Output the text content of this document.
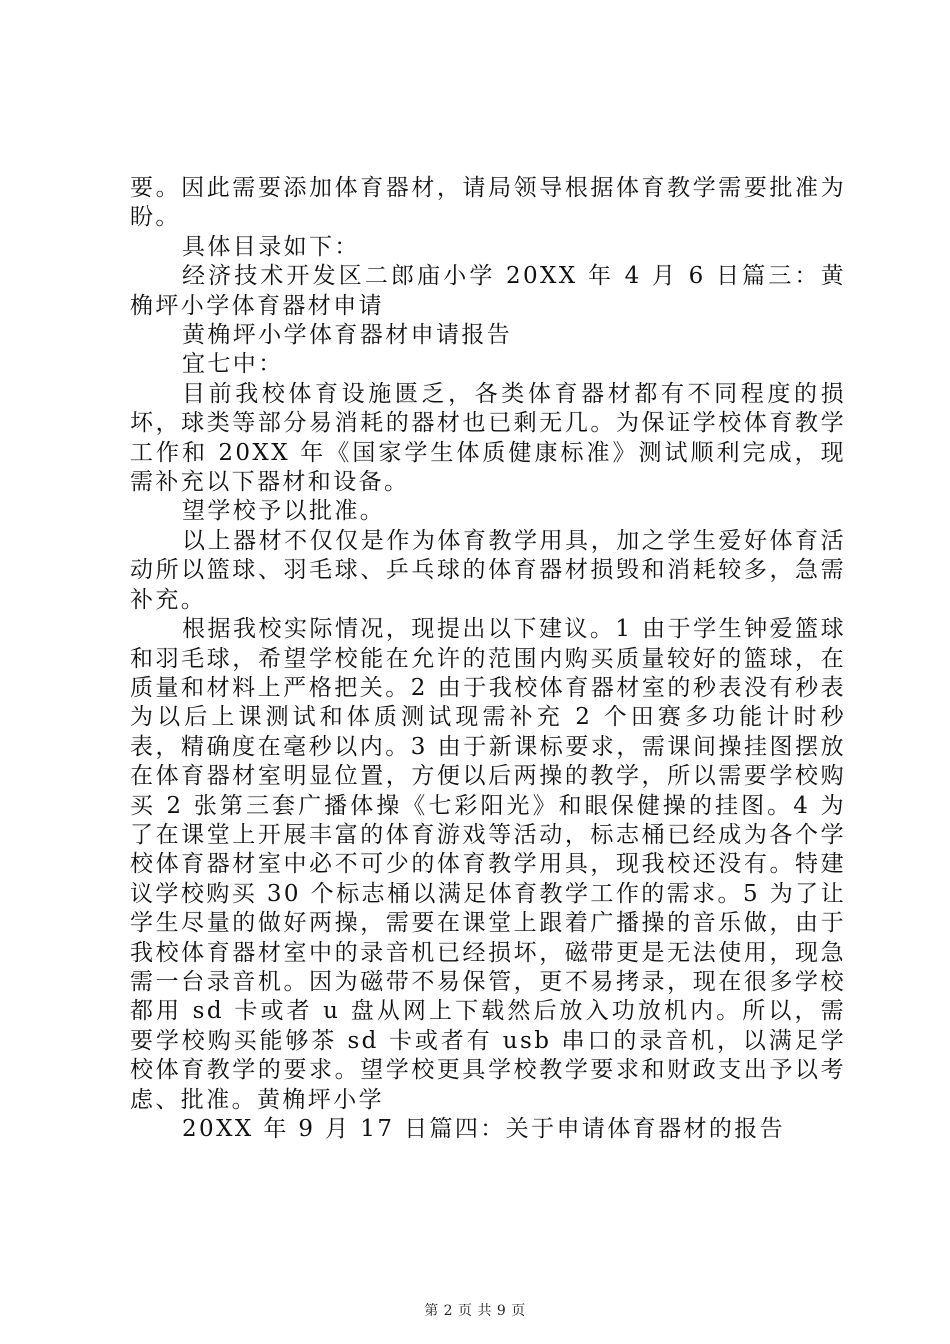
要。因此需要添加体育器材，请局领导根据体育教学需要批准为盼。

具体目录如下：

经济技术开发区二郎庙小学 20XX 年 4 月 6 日篇三：黄桷坪小学体育器材申请

黄桷坪小学体育器材申请报告

宜七中：

目前我校体育设施匮乏，各类体育器材都有不同程度的损坏，球类等部分易消耗的器材也已剩无几。为保证学校体育教学工作和 20XX 年《国家学生体质健康标准》测试顺利完成，现需补充以下器材和设备。

望学校予以批准。

以上器材不仅仅是作为体育教学用具，加之学生爱好体育活动所以篮球、羽毛球、乒乓球的体育器材损毁和消耗较多，急需补充。

根据我校实际情况，现提出以下建议。1 由于学生钟爱篮球和羽毛球，希望学校能在允许的范围内购买质量较好的篮球，在质量和材料上严格把关。2 由于我校体育器材室的秒表没有秒表为以后上课测试和体质测试现需补充 2 个田赛多功能计时秒表，精确度在毫秒以内。3 由于新课标要求，需课间操挂图摆放在体育器材室明显位置，方便以后两操的教学，所以需要学校购买 2 张第三套广播体操《七彩阳光》和眼保健操的挂图。4 为了在课堂上开展丰富的体育游戏等活动，标志桶已经成为各个学校体育器材室中必不可少的体育教学用具，现我校还没有。特建议学校购买 30 个标志桶以满足体育教学工作的需求。5 为了让学生尽量的做好两操，需要在课堂上跟着广播操的音乐做，由于我校体育器材室中的录音机已经损坏，磁带更是无法使用，现急需一台录音机。因为磁带不易保管，更不易拷录，现在很多学校都用 sd 卡或者 u 盘从网上下载然后放入功放机内。所以，需要学校购买能够茶 sd 卡或者有 usb 串口的录音机，以满足学校体育教学的要求。望学校更具学校教学要求和财政支出予以考虑、批准。黄桷坪小学

20XX 年 9 月 17 日篇四：关于申请体育器材的报告

第 2 页 共 9 页
